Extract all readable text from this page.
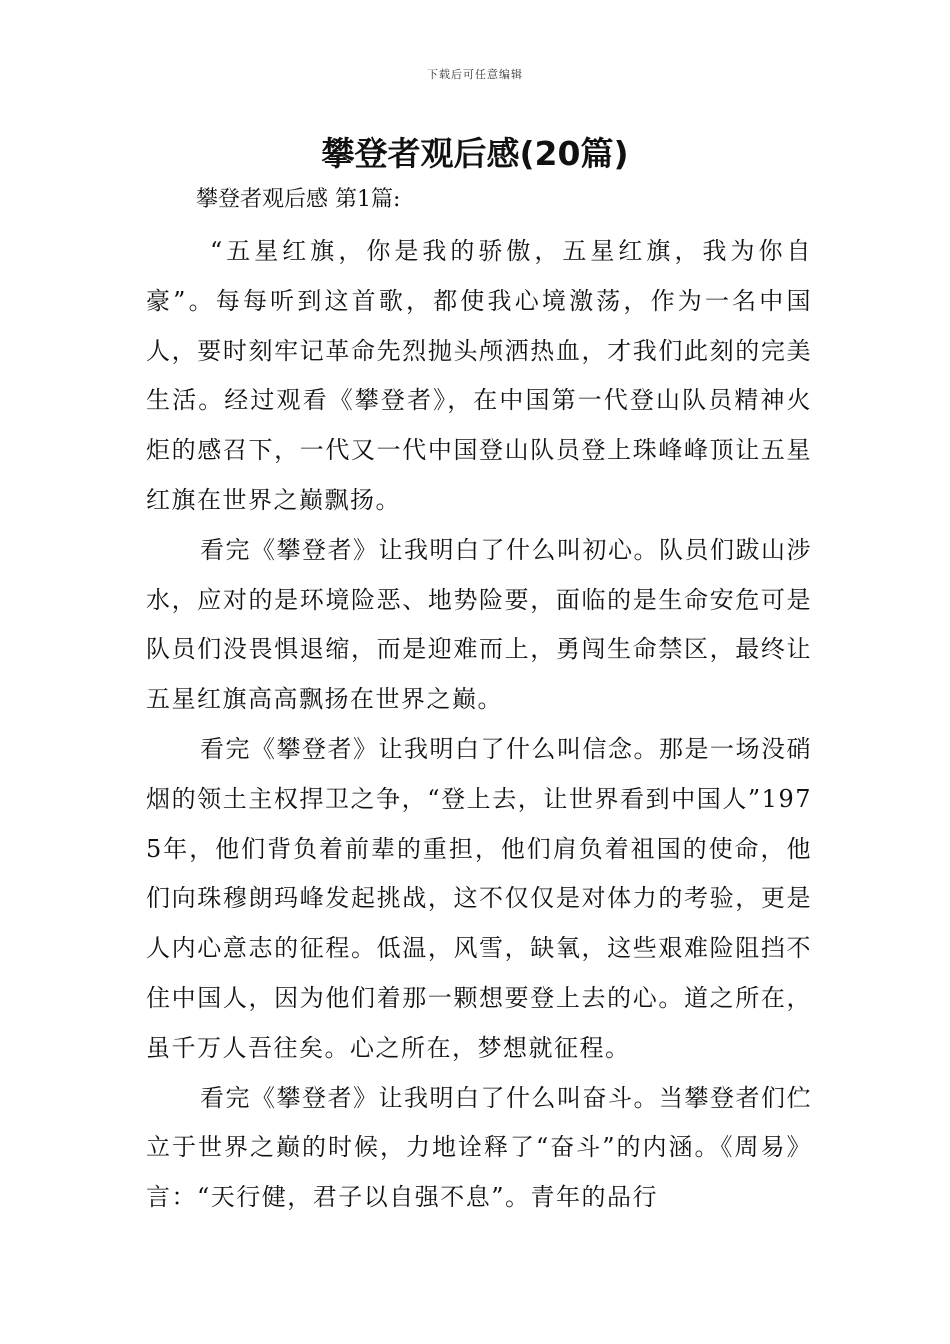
下载后可任意编辑
攀登者观后感(20篇)
攀登者观后感 第1篇:

“五星红旗，你是我的骄傲，五星红旗，我为你自豪”。每每听到这首歌，都使我心境激荡，作为一名中国人，要时刻牢记革命先烈抛头颅洒热血，才我们此刻的完美生活。经过观看《攀登者》，在中国第一代登山队员精神火炬的感召下，一代又一代中国登山队员登上珠峰峰顶让五星红旗在世界之巅飘扬。

看完《攀登者》让我明白了什么叫初心。队员们跋山涉水，应对的是环境险恶、地势险要，面临的是生命安危可是队员们没畏惧退缩，而是迎难而上，勇闯生命禁区，最终让五星红旗高高飘扬在世界之巅。

看完《攀登者》让我明白了什么叫信念。那是一场没硝烟的领土主权捍卫之争，“登上去，让世界看到中国人”1975年，他们背负着前辈的重担，他们肩负着祖国的使命，他们向珠穆朗玛峰发起挑战，这不仅仅是对体力的考验，更是人内心意志的征程。低温，风雪，缺氧，这些艰难险阻挡不住中国人，因为他们着那一颗想要登上去的心。道之所在，虽千万人吾往矣。心之所在，梦想就征程。

看完《攀登者》让我明白了什么叫奋斗。当攀登者们伫立于世界之巅的时候，力地诠释了“奋斗”的内涵。《周易》言：“天行健，君子以自强不息”。青年的品行
